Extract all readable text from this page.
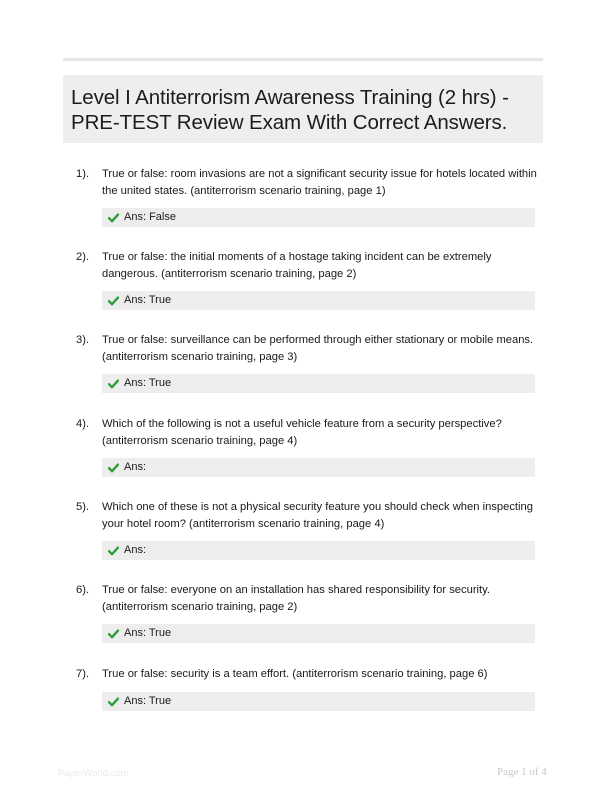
Level I Antiterrorism Awareness Training (2 hrs) - PRE-TEST Review Exam With Correct Answers.
1). True or false: room invasions are not a significant security issue for hotels located within the united states. (antiterrorism scenario training, page 1)
Ans: False
2). True or false: the initial moments of a hostage taking incident can be extremely dangerous. (antiterrorism scenario training, page 2)
Ans: True
3). True or false: surveillance can be performed through either stationary or mobile means. (antiterrorism scenario training, page 3)
Ans: True
4). Which of the following is not a useful vehicle feature from a security perspective? (antiterrorism scenario training, page 4)
Ans:
5). Which one of these is not a physical security feature you should check when inspecting your hotel room? (antiterrorism scenario training, page 4)
Ans:
6). True or false: everyone on an installation has shared responsibility for security. (antiterrorism scenario training, page 2)
Ans: True
7). True or false: security is a team effort. (antiterrorism scenario training, page 6)
Ans: True
PaperWorld.com	Page 1 of 4
